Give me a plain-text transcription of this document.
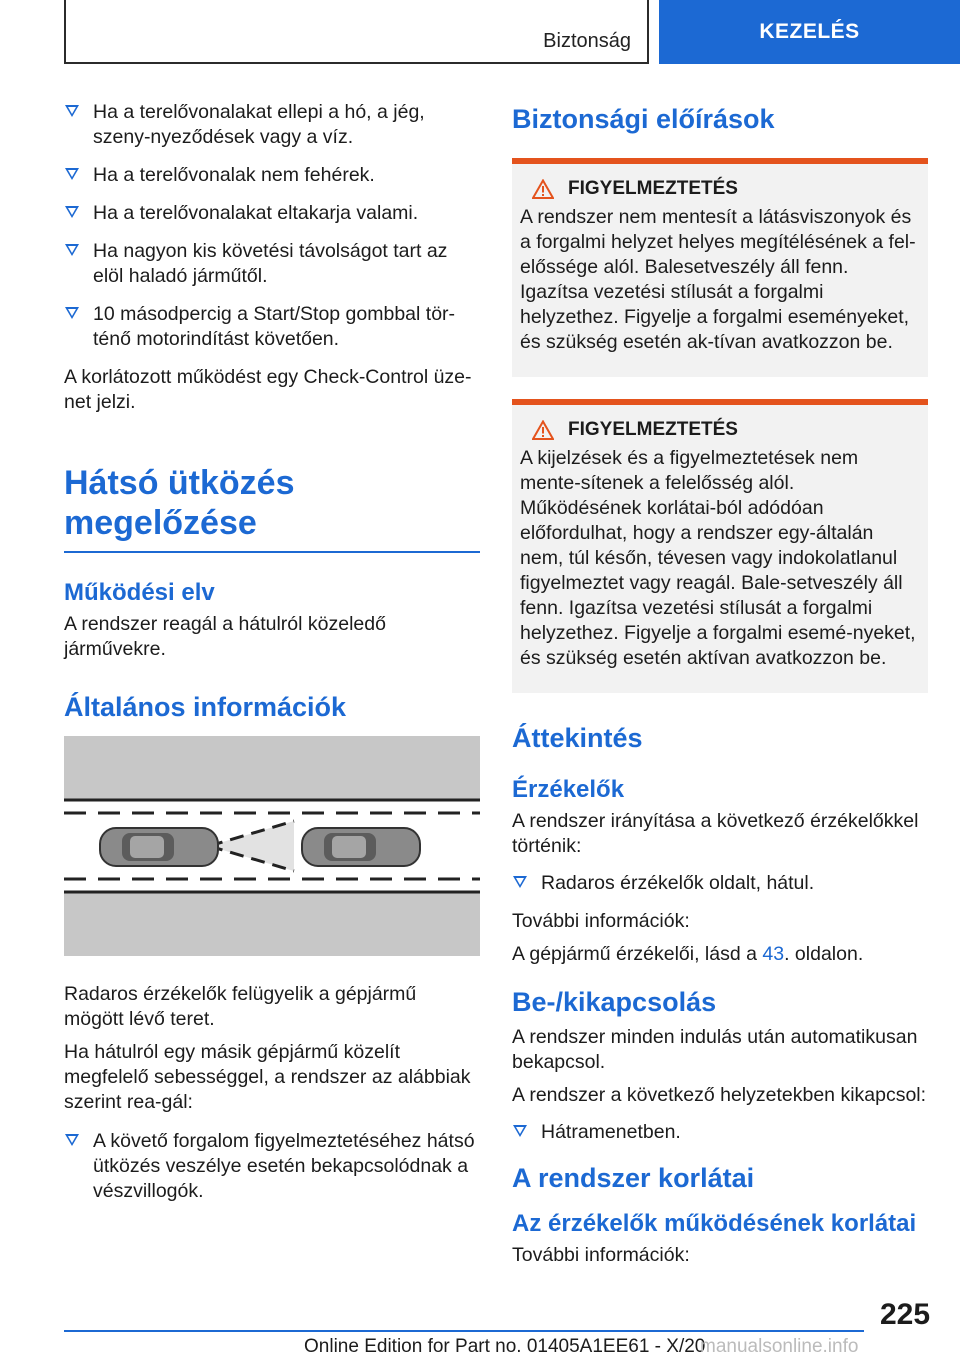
Biztonság	KEZELÉS
Ha a terelővonalakat ellepi a hó, a jég, szeny-nyeződések vagy a víz.
Ha a terelővonalak nem fehérek.
Ha a terelővonalakat eltakarja valami.
Ha nagyon kis követési távolságot tart az elöl haladó járműtől.
10 másodpercig a Start/Stop gombbal tör-ténő motorindítást követően.

A korlátozott működést egy Check-Control üze-net jelzi.

Hátsó ütközés megelőzése
Működési elv

A rendszer reagál a hátulról közeledő járművekre.

Általános információk

Radaros érzékelők felügyelik a gépjármű mögött lévő teret.

Ha hátulról egy másik gépjármű közelít megfelelő sebességgel, a rendszer az alábbiak szerint rea-gál:

A követő forgalom figyelmeztetéséhez hátsó ütközés veszélye esetén bekapcsolódnak a vészvillogók.
Biztonsági előírások
FIGYELMEZTETÉS

A rendszer nem mentesít a látásviszonyok és a forgalmi helyzet helyes megítélésének a fel-előssége alól. Balesetveszély áll fenn. Igazítsa vezetési stílusát a forgalmi helyzethez. Figyelje a forgalmi eseményeket, és szükség esetén ak-tívan avatkozzon be.

FIGYELMEZTETÉS

A kijelzések és a figyelmeztetések nem mente-sítenek a felelősség alól. Működésének korlátai-ból adódóan előfordulhat, hogy a rendszer egy-általán nem, túl későn, tévesen vagy indokolatlanul figyelmeztet vagy reagál. Bale-setveszély áll fenn. Igazítsa vezetési stílusát a forgalmi helyzethez. Figyelje a forgalmi esemé-nyeket, és szükség esetén aktívan avatkozzon be.

Áttekintés
Érzékelők

A rendszer irányítása a következő érzékelőkkel történik:

Radaros érzékelők oldalt, hátul.

További információk:

A gépjármű érzékelői, lásd a 43. oldalon.

Be-/kikapcsolás

A rendszer minden indulás után automatikusan bekapcsol.

A rendszer a következő helyzetekben kikapcsol:

Hátramenetben.
A rendszer korlátai
Az érzékelők működésének korlátai

További információk:

225
Online Edition for Part no. 01405A1EE61 - X/20
manualsonline.info
